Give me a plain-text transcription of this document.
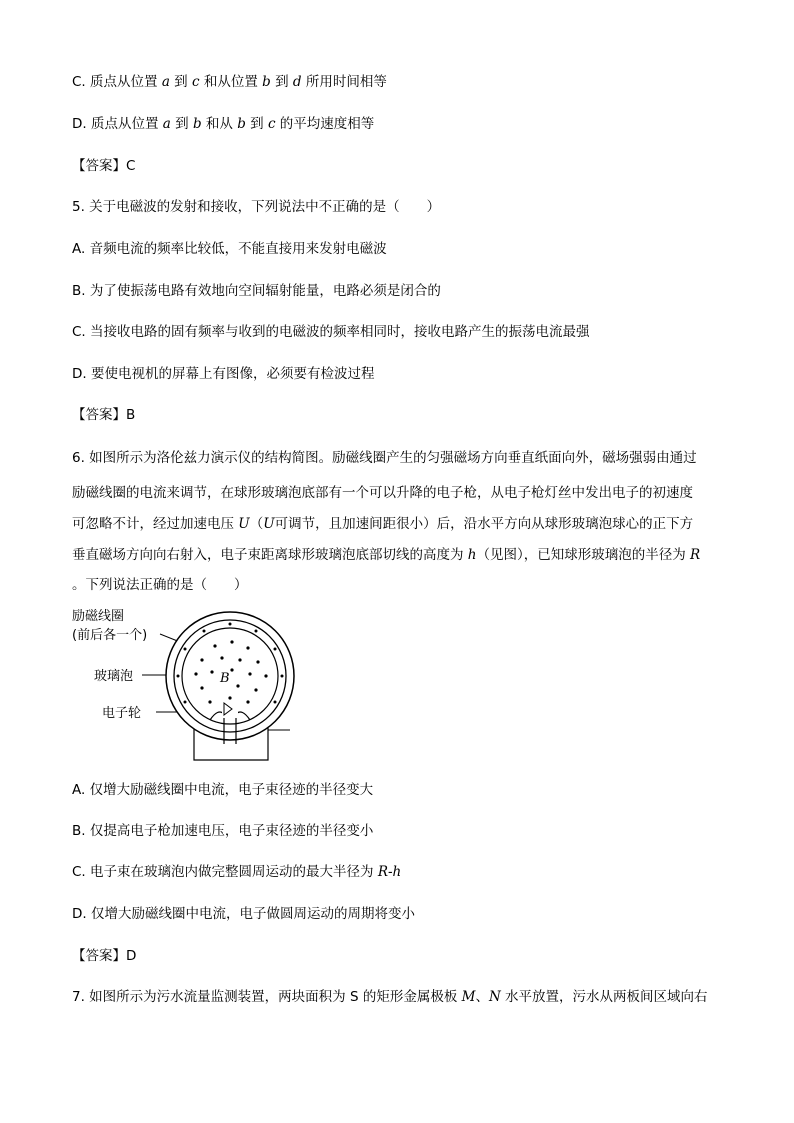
C. 质点从位置 a 到 c 和从位置 b 到 d 所用时间相等
D. 质点从位置 a 到 b 和从 b 到 c 的平均速度相等
【答案】C
5. 关于电磁波的发射和接收，下列说法中不正确的是（　　）
A. 音频电流的频率比较低，不能直接用来发射电磁波
B. 为了使振荡电路有效地向空间辐射能量，电路必须是闭合的
C. 当接收电路的固有频率与收到的电磁波的频率相同时，接收电路产生的振荡电流最强
D. 要使电视机的屏幕上有图像，必须要有检波过程
【答案】B
6. 如图所示为洛伦兹力演示仪的结构简图。励磁线圈产生的匀强磁场方向垂直纸面向外，磁场强弱由通过
励磁线圈的电流来调节，在球形玻璃泡底部有一个可以升降的电子枪，从电子枪灯丝中发出电子的初速度
可忽略不计，经过加速电压 U（U可调节，且加速间距很小）后，沿水平方向从球形玻璃泡球心的正下方
垂直磁场方向向右射入，电子束距离球形玻璃泡底部切线的高度为 h（见图），已知球形玻璃泡的半径为 R
。下列说法正确的是（　　）
励磁线圈
(前后各一个)
玻璃泡
电子轮
B
A. 仅增大励磁线圈中电流，电子束径迹的半径变大
B. 仅提高电子枪加速电压，电子束径迹的半径变小
C. 电子束在玻璃泡内做完整圆周运动的最大半径为 R-h
D. 仅增大励磁线圈中电流，电子做圆周运动的周期将变小
【答案】D
7. 如图所示为污水流量监测装置，两块面积为 S 的矩形金属极板 M、N 水平放置，污水从两板间区域向右
